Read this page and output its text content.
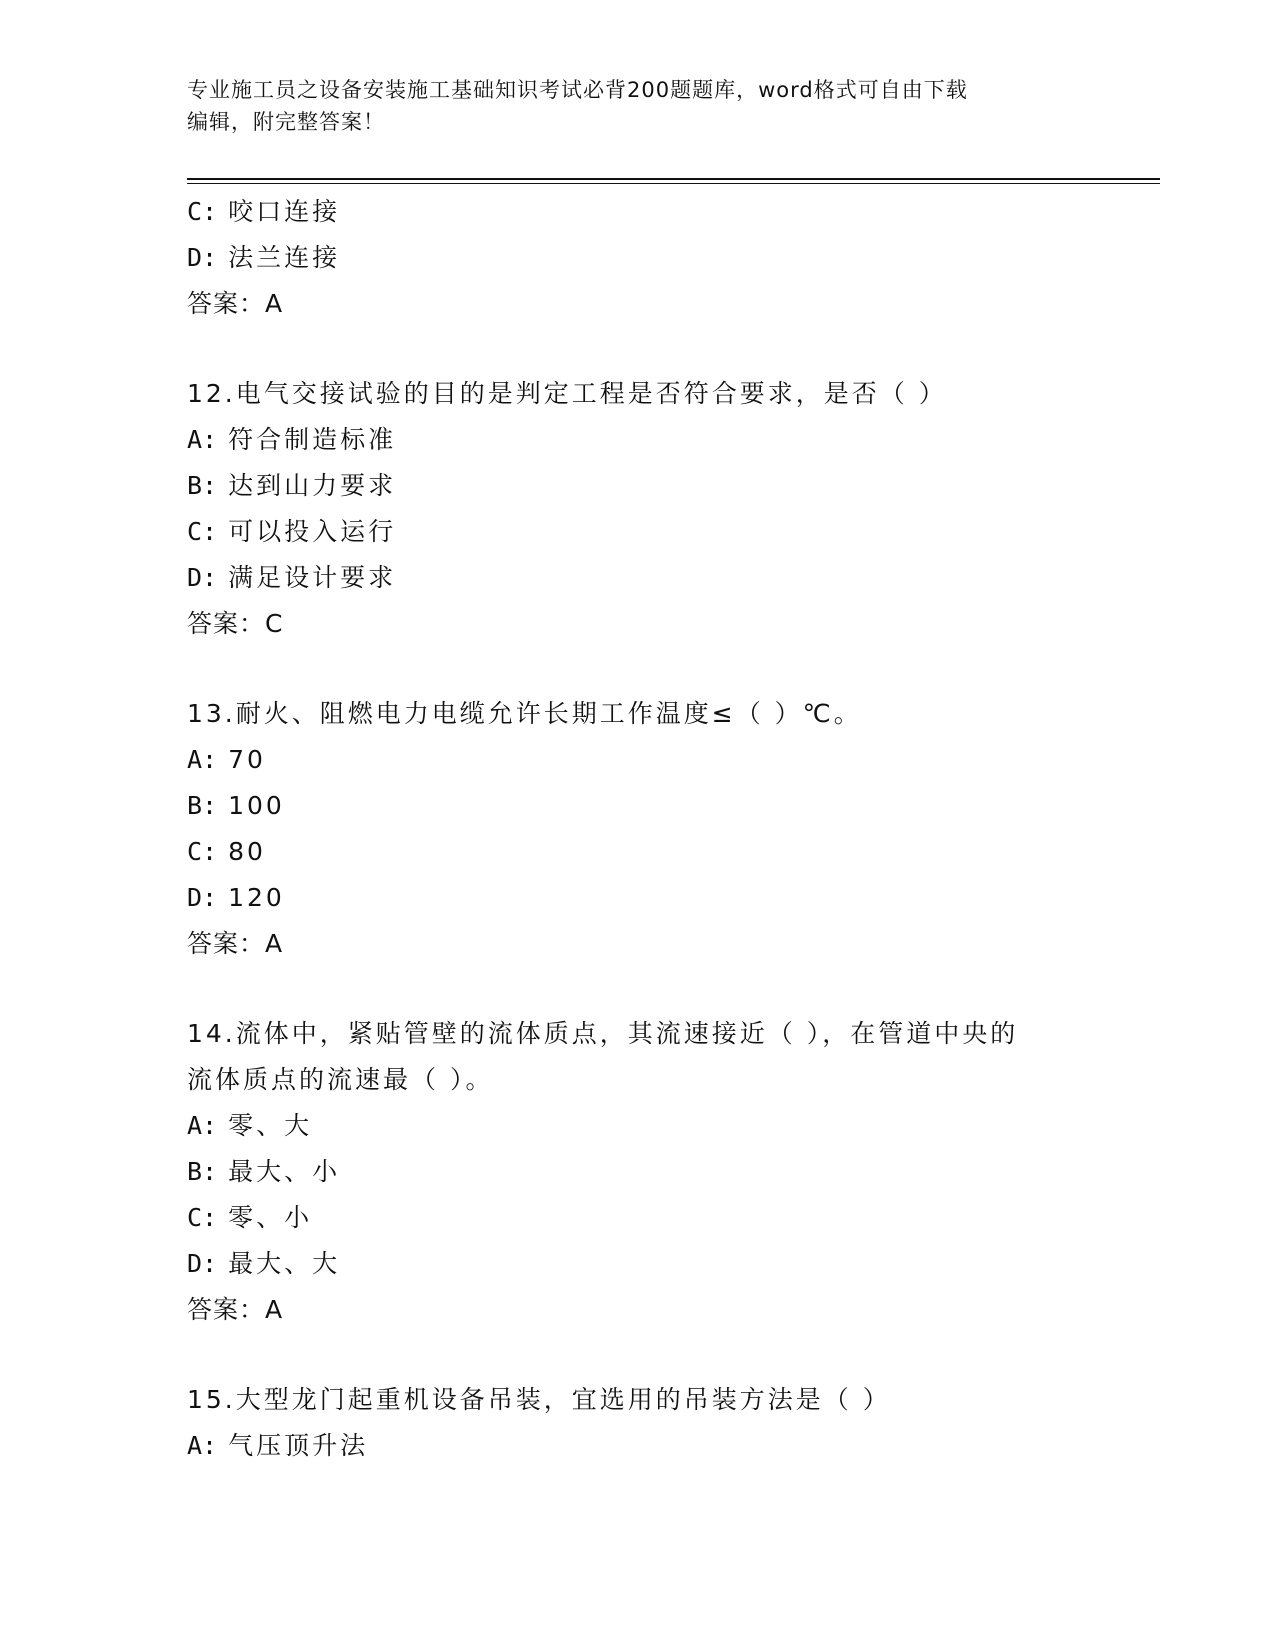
专业施工员之设备安装施工基础知识考试必背200题题库，word格式可自由下载
编辑，附完整答案！
C: 咬口连接
D: 法兰连接
答案：A
12.电气交接试验的目的是判定工程是否符合要求，是否（ ）
A: 符合制造标准
B: 达到山力要求
C: 可以投入运行
D: 满足设计要求
答案：C
13.耐火、阻燃电力电缆允许长期工作温度≤（ ）℃。
A: 70
B: 100
C: 80
D: 120
答案：A
14.流体中，紧贴管壁的流体质点，其流速接近（ ），在管道中央的
流体质点的流速最（ ）。
A: 零、大
B: 最大、小
C: 零、小
D: 最大、大
答案：A
15.大型龙门起重机设备吊装，宜选用的吊装方法是（ ）
A: 气压顶升法
